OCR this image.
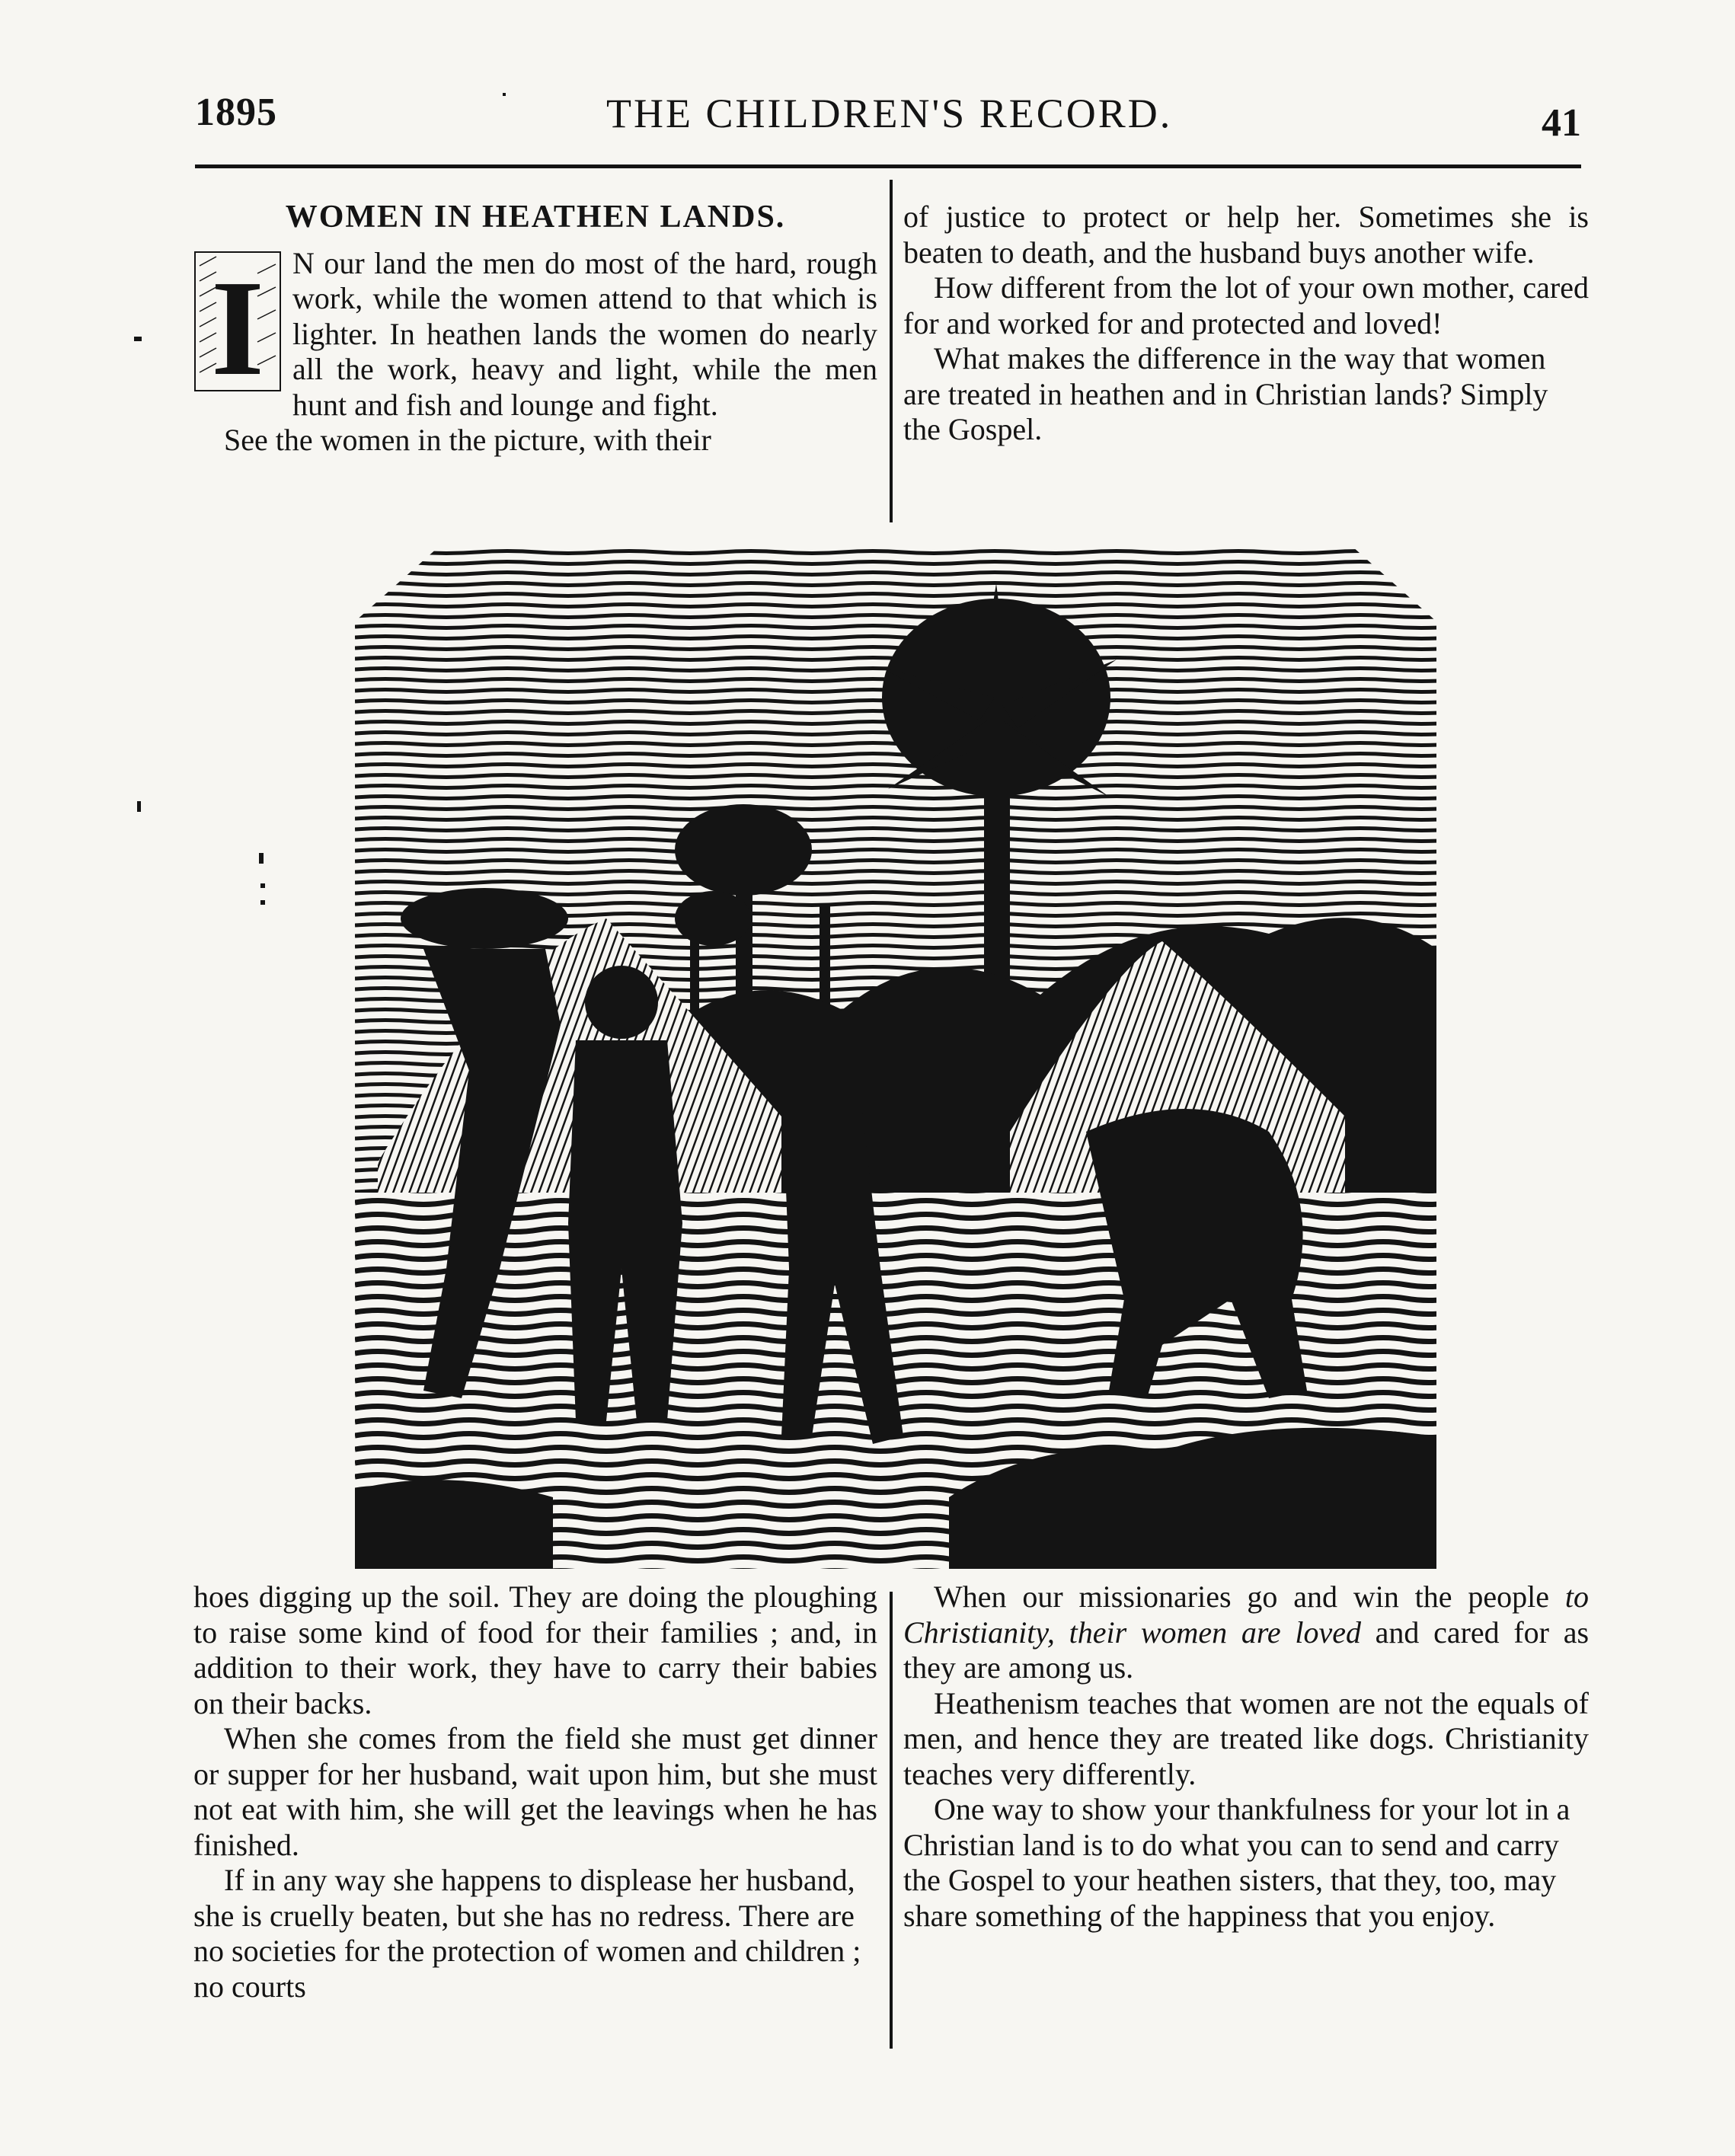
1895	THE CHILDREN'S RECORD.	41

WOMEN IN HEATHEN LANDS.

I N our land the men do most of the hard, rough work, while the women attend to that which is lighter. In heathen lands the women do nearly all the work, heavy and light, while the men hunt and fish and lounge and fight.

See the women in the picture, with their

of justice to protect or help her. Sometimes she is beaten to death, and the husband buys another wife.

How different from the lot of your own mother, cared for and worked for and protected and loved!

What makes the difference in the way that women are treated in heathen and in Christian lands? Simply the Gospel.

hoes digging up the soil. They are doing the ploughing to raise some kind of food for their families ; and, in addition to their work, they have to carry their babies on their backs.

When she comes from the field she must get dinner or supper for her husband, wait upon him, but she must not eat with him, she will get the leavings when he has finished.

If in any way she happens to displease her husband, she is cruelly beaten, but she has no redress. There are no societies for the protection of women and children ; no courts

When our missionaries go and win the people to Christianity, their women are loved and cared for as they are among us.

Heathenism teaches that women are not the equals of men, and hence they are treated like dogs. Christianity teaches very differently.

One way to show your thankfulness for your lot in a Christian land is to do what you can to send and carry the Gospel to your heathen sisters, that they, too, may share something of the happiness that you enjoy.
